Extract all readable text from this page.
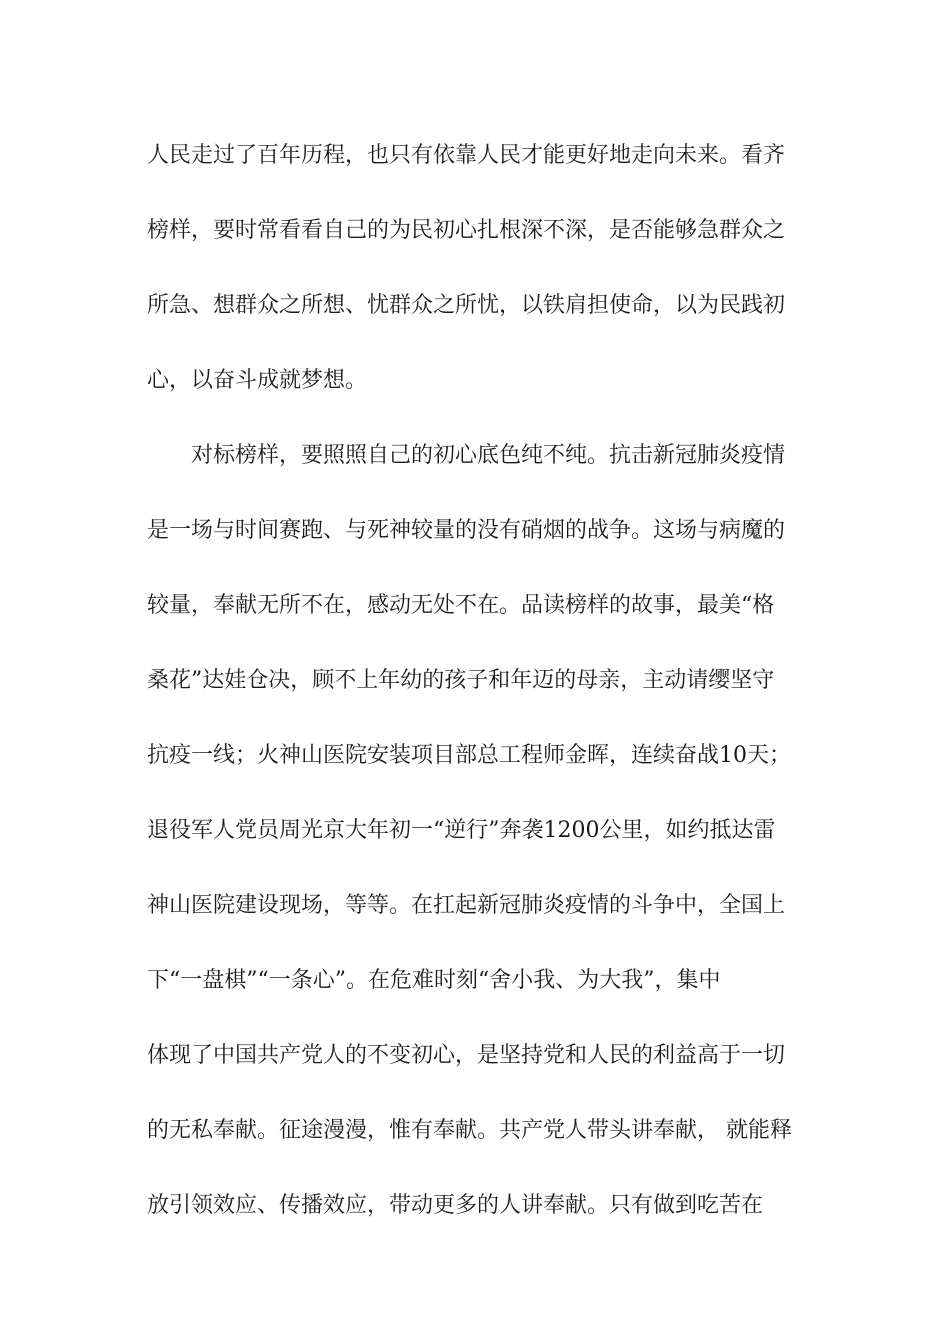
人民走过了百年历程，也只有依靠人民才能更好地走向未来。看齐
榜样，要时常看看自己的为民初心扎根深不深，是否能够急群众之
所急、想群众之所想、忧群众之所忧，以铁肩担使命，以为民践初
心，以奋斗成就梦想。
对标榜样，要照照自己的初心底色纯不纯。抗击新冠肺炎疫情
是一场与时间赛跑、与死神较量的没有硝烟的战争。这场与病魔的
较量，奉献无所不在，感动无处不在。品读榜样的故事，最美“格
桑花”达娃仓决，顾不上年幼的孩子和年迈的母亲，主动请缨坚守
抗疫一线；火神山医院安装项目部总工程师金晖，连续奋战10天；
退役军人党员周光京大年初一“逆行”奔袭1200公里，如约抵达雷
神山医院建设现场，等等。在扛起新冠肺炎疫情的斗争中，全国上
下“一盘棋”“一条心”。在危难时刻“舍小我、为大我”，集中
体现了中国共产党人的不变初心，是坚持党和人民的利益高于一切
的无私奉献。征途漫漫，惟有奉献。共产党人带头讲奉献， 就能释
放引领效应、传播效应，带动更多的人讲奉献。只有做到吃苦在
